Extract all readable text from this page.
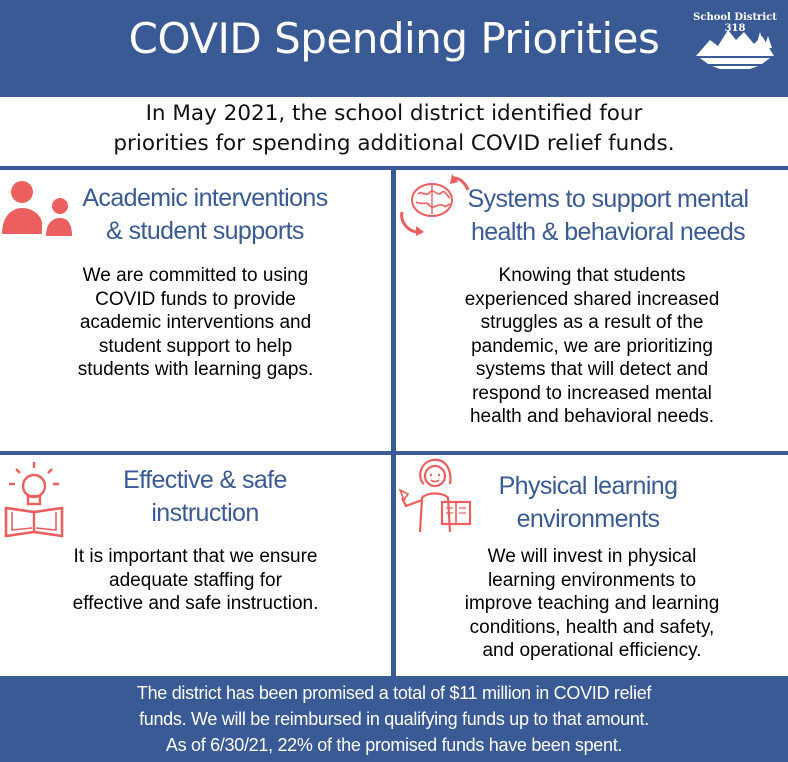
COVID Spending Priorities	School District 318
In May 2021, the school district identified four
priorities for spending additional COVID relief funds.
Academic interventions
& student supports
We are committed to using
COVID funds to provide
academic interventions and
student support to help
students with learning gaps.
Systems to support mental
health & behavioral needs
Knowing that students
experienced shared increased
struggles as a result of the
pandemic, we are prioritizing
systems that will detect and
respond to increased mental
health and behavioral needs.
Effective & safe
instruction
It is important that we ensure
adequate staffing for
effective and safe instruction.
Physical learning
environments
We will invest in physical
learning environments to
improve teaching and learning
conditions, health and safety,
and operational efficiency.
The district has been promised a total of $11 million in COVID relief
funds. We will be reimbursed in qualifying funds up to that amount.
As of 6/30/21, 22% of the promised funds have been spent.
